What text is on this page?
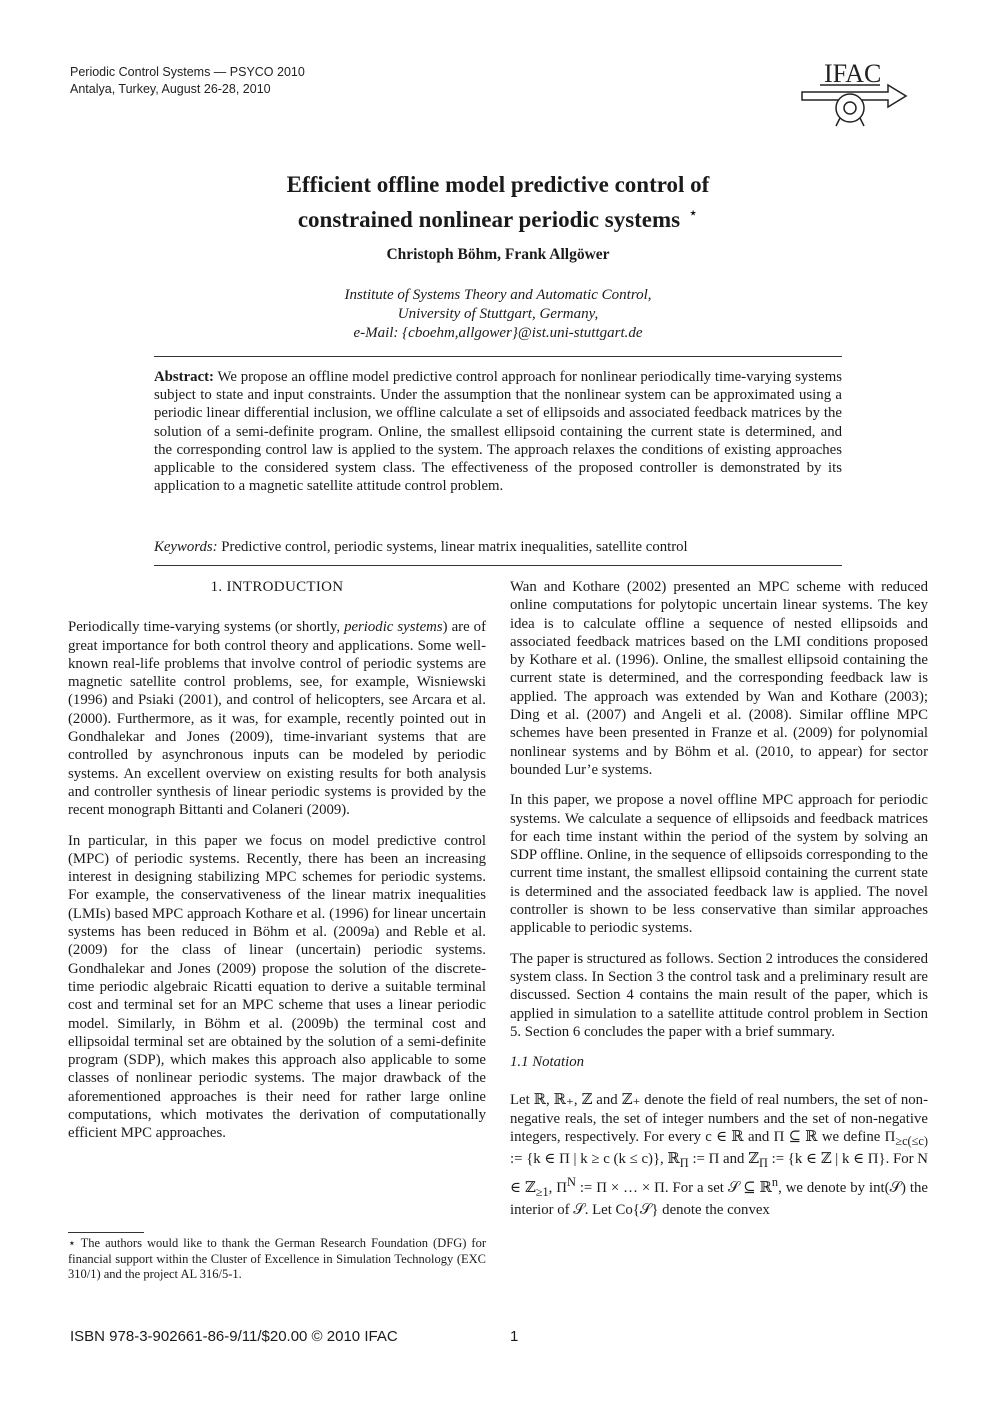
Periodic Control Systems — PSYCO 2010
Antalya, Turkey, August 26-28, 2010
IFAC
Efficient offline model predictive control of
constrained nonlinear periodic systems ⋆
Christoph Böhm, Frank Allgöwer
Institute of Systems Theory and Automatic Control,
University of Stuttgart, Germany,
e-Mail: {cboehm,allgower}@ist.uni-stuttgart.de
Abstract: We propose an offline model predictive control approach for nonlinear periodically time-varying systems subject to state and input constraints. Under the assumption that the nonlinear system can be approximated using a periodic linear differential inclusion, we offline calculate a set of ellipsoids and associated feedback matrices by the solution of a semi-definite program. Online, the smallest ellipsoid containing the current state is determined, and the corresponding control law is applied to the system. The approach relaxes the conditions of existing approaches applicable to the considered system class. The effectiveness of the proposed controller is demonstrated by its application to a magnetic satellite attitude control problem.
Keywords: Predictive control, periodic systems, linear matrix inequalities, satellite control
1. INTRODUCTION

Periodically time-varying systems (or shortly, periodic systems) are of great importance for both control theory and applications. Some well-known real-life problems that involve control of periodic systems are magnetic satellite control problems, see, for example, Wisniewski (1996) and Psiaki (2001), and control of helicopters, see Arcara et al. (2000). Furthermore, as it was, for example, recently pointed out in Gondhalekar and Jones (2009), time-invariant systems that are controlled by asynchronous inputs can be modeled by periodic systems. An excellent overview on existing results for both analysis and controller synthesis of linear periodic systems is provided by the recent monograph Bittanti and Colaneri (2009).

In particular, in this paper we focus on model predictive control (MPC) of periodic systems. Recently, there has been an increasing interest in designing stabilizing MPC schemes for periodic systems. For example, the conservativeness of the linear matrix inequalities (LMIs) based MPC approach Kothare et al. (1996) for linear uncertain systems has been reduced in Böhm et al. (2009a) and Reble et al. (2009) for the class of linear (uncertain) periodic systems. Gondhalekar and Jones (2009) propose the solution of the discrete-time periodic algebraic Ricatti equation to derive a suitable terminal cost and terminal set for an MPC scheme that uses a linear periodic model. Similarly, in Böhm et al. (2009b) the terminal cost and ellipsoidal terminal set are obtained by the solution of a semi-definite program (SDP), which makes this approach also applicable to some classes of nonlinear periodic systems. The major drawback of the aforementioned approaches is their need for rather large online computations, which motivates the derivation of computationally efficient MPC approaches.

⋆ The authors would like to thank the German Research Foundation (DFG) for financial support within the Cluster of Excellence in Simulation Technology (EXC 310/1) and the project AL 316/5-1.

Wan and Kothare (2002) presented an MPC scheme with reduced online computations for polytopic uncertain linear systems. The key idea is to calculate offline a sequence of nested ellipsoids and associated feedback matrices based on the LMI conditions proposed by Kothare et al. (1996). Online, the smallest ellipsoid containing the current state is determined, and the corresponding feedback law is applied. The approach was extended by Wan and Kothare (2003); Ding et al. (2007) and Angeli et al. (2008). Similar offline MPC schemes have been presented in Franze et al. (2009) for polynomial nonlinear systems and by Böhm et al. (2010, to appear) for sector bounded Lur’e systems.

In this paper, we propose a novel offline MPC approach for periodic systems. We calculate a sequence of ellipsoids and feedback matrices for each time instant within the period of the system by solving an SDP offline. Online, in the sequence of ellipsoids corresponding to the current time instant, the smallest ellipsoid containing the current state is determined and the associated feedback law is applied. The novel controller is shown to be less conservative than similar approaches applicable to periodic systems.

The paper is structured as follows. Section 2 introduces the considered system class. In Section 3 the control task and a preliminary result are discussed. Section 4 contains the main result of the paper, which is applied in simulation to a satellite attitude control problem in Section 5. Section 6 concludes the paper with a brief summary.

1.1 Notation

Let ℝ, ℝ₊, ℤ and ℤ₊ denote the field of real numbers, the set of non-negative reals, the set of integer numbers and the set of non-negative integers, respectively. For every c ∈ ℝ and Π ⊆ ℝ we define $\Pi_{\ge c(\le c)}$ := {k ∈ Π | k ≥ c (k ≤ c)}, ℝ$_\Pi$ := Π and ℤ$_\Pi$ := {k ∈ ℤ | k ∈ Π}. For N ∈ ℤ$_{\ge 1}$, $\Pi^N$ := Π × … × Π. For a set 𝒮 ⊆ ℝ$^n$, we denote by int(𝒮) the interior of 𝒮. Let Co{𝒮} denote the convex

ISBN 978-3-902661-86-9/11/$20.00 © 2010 IFAC	1
